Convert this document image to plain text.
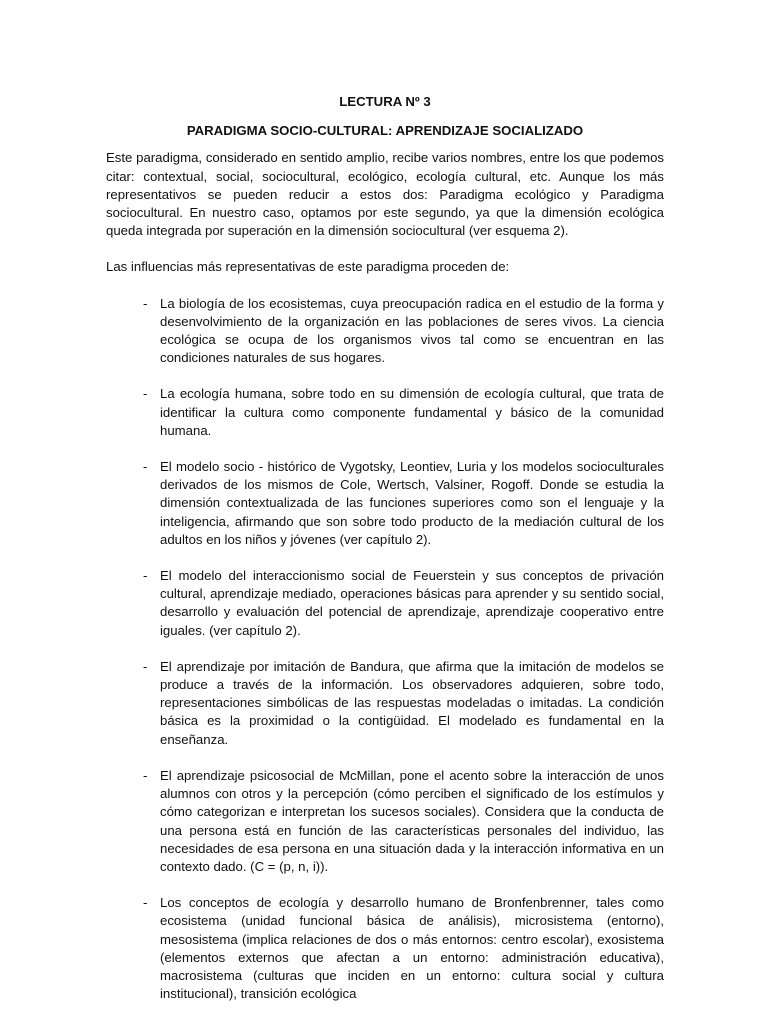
LECTURA Nº 3

PARADIGMA SOCIO-CULTURAL: APRENDIZAJE SOCIALIZADO

Este paradigma, considerado en sentido amplio, recibe varios nombres, entre los que podemos citar: contextual, social, sociocultural, ecológico, ecología cultural, etc. Aunque los más representativos se pueden reducir a estos dos: Paradigma ecológico y Paradigma sociocultural. En nuestro caso, optamos por este segundo, ya que la dimensión ecológica queda integrada por superación en la dimensión sociocultural (ver esquema 2).

Las influencias más representativas de este paradigma proceden de:

- La biología de los ecosistemas, cuya preocupación radica en el estudio de la forma y desenvolvimiento de la organización en las poblaciones de seres vivos. La ciencia ecológica se ocupa de los organismos vivos tal como se encuentran en las condiciones naturales de sus hogares.
- La ecología humana, sobre todo en su dimensión de ecología cultural, que trata de identificar la cultura como componente fundamental y básico de la comunidad humana.
- El modelo socio - histórico de Vygotsky, Leontiev, Luria y los modelos socioculturales derivados de los mismos de Cole, Wertsch, Valsiner, Rogoff. Donde se estudia la dimensión contextualizada de las funciones superiores como son el lenguaje y la inteligencia, afirmando que son sobre todo producto de la mediación cultural de los adultos en los niños y jóvenes (ver capítulo 2).
- El modelo del interaccionismo social de Feuerstein y sus conceptos de privación cultural, aprendizaje mediado, operaciones básicas para aprender y su sentido social, desarrollo y evaluación del potencial de aprendizaje, aprendizaje cooperativo entre iguales. (ver capítulo 2).
- El aprendizaje por imitación de Bandura, que afirma que la imitación de modelos se produce a través de la información. Los observadores adquieren, sobre todo, representaciones simbólicas de las respuestas modeladas o imitadas. La condición básica es la proximidad o la contigüidad. El modelado es fundamental en la enseñanza.
- El aprendizaje psicosocial de McMillan, pone el acento sobre la interacción de unos alumnos con otros y la percepción (cómo perciben el significado de los estímulos y cómo categorizan e interpretan los sucesos sociales). Considera que la conducta de una persona está en función de las características personales del individuo, las necesidades de esa persona en una situación dada y la interacción informativa en un contexto dado. (C = (p, n, i)).
- Los conceptos de ecología y desarrollo humano de Bronfenbrenner, tales como ecosistema (unidad funcional básica de análisis), microsistema (entorno), mesosistema (implica relaciones de dos o más entornos: centro escolar), exosistema (elementos externos que afectan a un entorno: administración educativa), macrosistema (culturas que inciden en un entorno: cultura social y cultura institucional), transición ecológica
